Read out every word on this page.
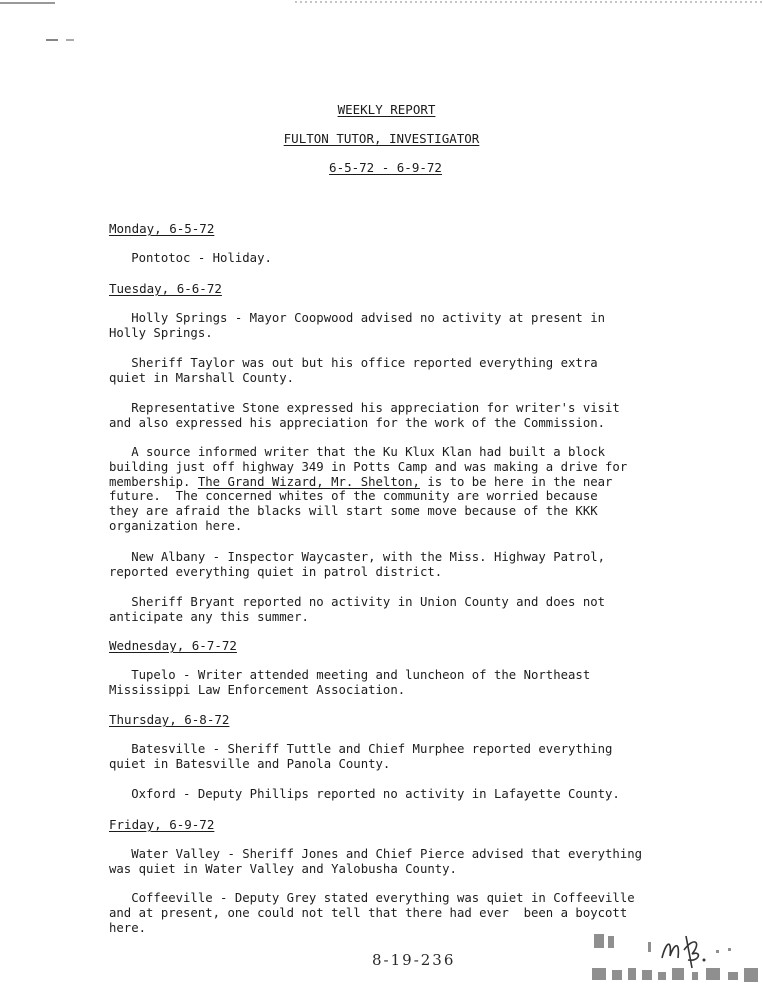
WEEKLY REPORT
FULTON TUTOR, INVESTIGATOR
6-5-72 - 6-9-72
Monday, 6-5-72
Pontotoc - Holiday.
Tuesday, 6-6-72
Holly Springs - Mayor Coopwood advised no activity at present in
Holly Springs.
Sheriff Taylor was out but his office reported everything extra
quiet in Marshall County.
Representative Stone expressed his appreciation for writer's visit
and also expressed his appreciation for the work of the Commission.
A source informed writer that the Ku Klux Klan had built a block
building just off highway 349 in Potts Camp and was making a drive for
membership. The Grand Wizard, Mr. Shelton, is to be here in the near
future.  The concerned whites of the community are worried because
they are afraid the blacks will start some move because of the KKK
organization here.
New Albany - Inspector Waycaster, with the Miss. Highway Patrol,
reported everything quiet in patrol district.
Sheriff Bryant reported no activity in Union County and does not
anticipate any this summer.
Wednesday, 6-7-72
Tupelo - Writer attended meeting and luncheon of the Northeast
Mississippi Law Enforcement Association.
Thursday, 6-8-72
Batesville - Sheriff Tuttle and Chief Murphee reported everything
quiet in Batesville and Panola County.
Oxford - Deputy Phillips reported no activity in Lafayette County.
Friday, 6-9-72
Water Valley - Sheriff Jones and Chief Pierce advised that everything
was quiet in Water Valley and Yalobusha County.
Coffeeville - Deputy Grey stated everything was quiet in Coffeeville
and at present, one could not tell that there had ever  been a boycott
here.
8-19-236
